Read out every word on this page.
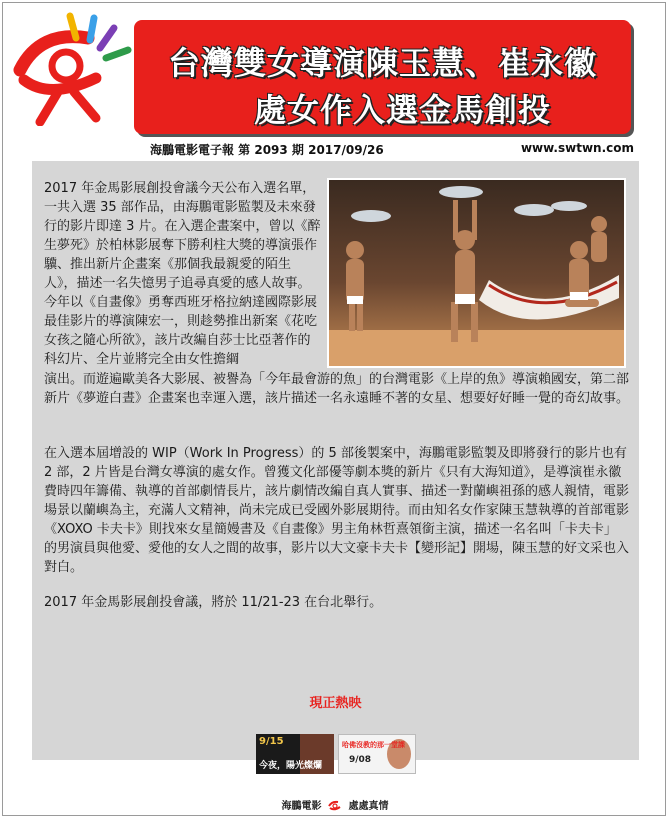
台灣雙女導演陳玉慧、崔永徽
處女作入選金馬創投
海鵬電影電子報 第 2093 期 2017/09/26	www.swtwn.com
2017 年金馬影展創投會議今天公布入選名單，一共入選 35 部作品，由海鵬電影監製及未來發行的影片即達 3 片。在入選企畫案中，曾以《醉生夢死》於柏林影展奪下勝利柱大獎的導演張作驥、推出新片企畫案《那個我最親愛的陌生人》，描述一名失憶男子追尋真愛的感人故事。今年以《自畫像》勇奪西班牙格拉納達國際影展最佳影片的導演陳宏一，則趁勢推出新案《花吃女孩之隨心所欲》，該片改編自莎士比亞著作的科幻片、全片並將完全由女性擔綱
演出。而遊遍歐美各大影展、被譽為「今年最會游的魚」的台灣電影《上岸的魚》導演賴國安，第二部新片《夢遊白晝》企畫案也幸運入選，該片描述一名永遠睡不著的女星、想要好好睡一覺的奇幻故事。
在入選本屆增設的 WIP（Work In Progress）的 5 部後製案中，海鵬電影監製及即將發行的影片也有 2 部，2 片皆是台灣女導演的處女作。曾獲文化部優等劇本獎的新片《只有大海知道》，是導演崔永徽費時四年籌備、執導的首部劇情長片，該片劇情改編自真人實事、描述一對蘭嶼祖孫的感人親情，電影場景以蘭嶼為主，充滿人文精神，尚未完成已受國外影展期待。而由知名女作家陳玉慧執導的首部電影《XOXO 卡夫卡》則找來女星簡嫚書及《自畫像》男主角林哲熹領銜主演，描述一名名叫「卡夫卡」的男演員與他愛、愛他的女人之間的故事，影片以大文豪卡夫卡【變形記】開場，陳玉慧的好文采也入對白。
2017 年金馬影展創投會議，將於 11/21-23 在台北舉行。
現正熱映
9/15
今夜，陽光燦爛
哈佛沒教的那一堂課
9/08
海鵬電影	處處真情
